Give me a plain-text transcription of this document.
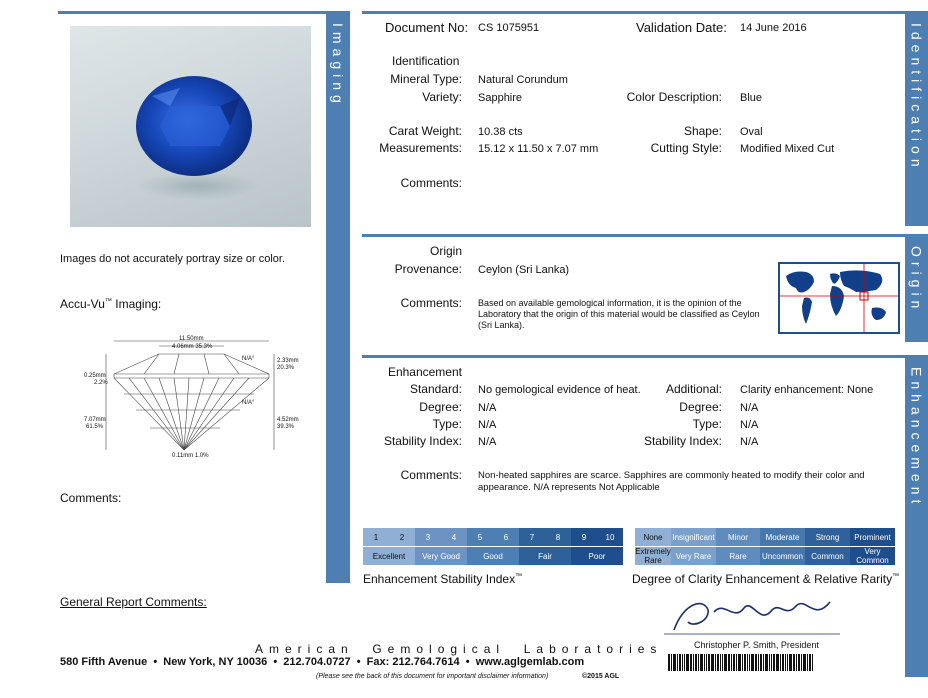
Imaging
Images do not accurately portray size or color.
Accu-Vu™ Imaging:
11.50mm
4.06mm 35.3%
N/A°	2.33mm
20.3%
0.25mm
2.2%
N/A°
7.07mm
61.5%
4.52mm
39.3%
0.11mm 1.0%
Comments:
Identification
Document No: CS 1075951	Validation Date: 14 June 2016
Identification
Mineral Type: Natural Corundum
Variety: Sapphire	Color Description: Blue
Carat Weight: 10.38 cts	Shape: Oval
Measurements: 15.12 x 11.50 x 7.07 mm	Cutting Style: Modified Mixed Cut
Comments:
Origin
Origin
Provenance: Ceylon (Sri Lanka)
Comments: Based on available gemological information, it is the opinion of the Laboratory that the origin of this material would be classified as Ceylon (Sri Lanka).
Enhancement
Enhancement
Standard: No gemological evidence of heat.	Additional: Clarity enhancement: None
Degree: N/A	Degree: N/A
Type: N/A	Type: N/A
Stability Index: N/A	Stability Index: N/A
Comments: Non-heated sapphires are scarce. Sapphires are commonly heated to modify their color and appearance. N/A represents Not Applicable
1	2	3	4	5	6	7	8	9	10
Excellent	Very Good	Good	Fair	Poor
Enhancement Stability Index™
None	Insignificant	Minor	Moderate	Strong	Prominent
Extremely Rare	Very Rare	Rare	Uncommon	Common	Very Common
Degree of Clarity Enhancement & Relative Rarity™
General Report Comments:
American  Gemological  Laboratories
580 Fifth Avenue  •  New York, NY 10036  •  212.704.0727  •  Fax: 212.764.7614  •  www.aglgemlab.com
(Please see the back of this document for important disclaimer information)	©2015 AGL
Christopher P. Smith, President
